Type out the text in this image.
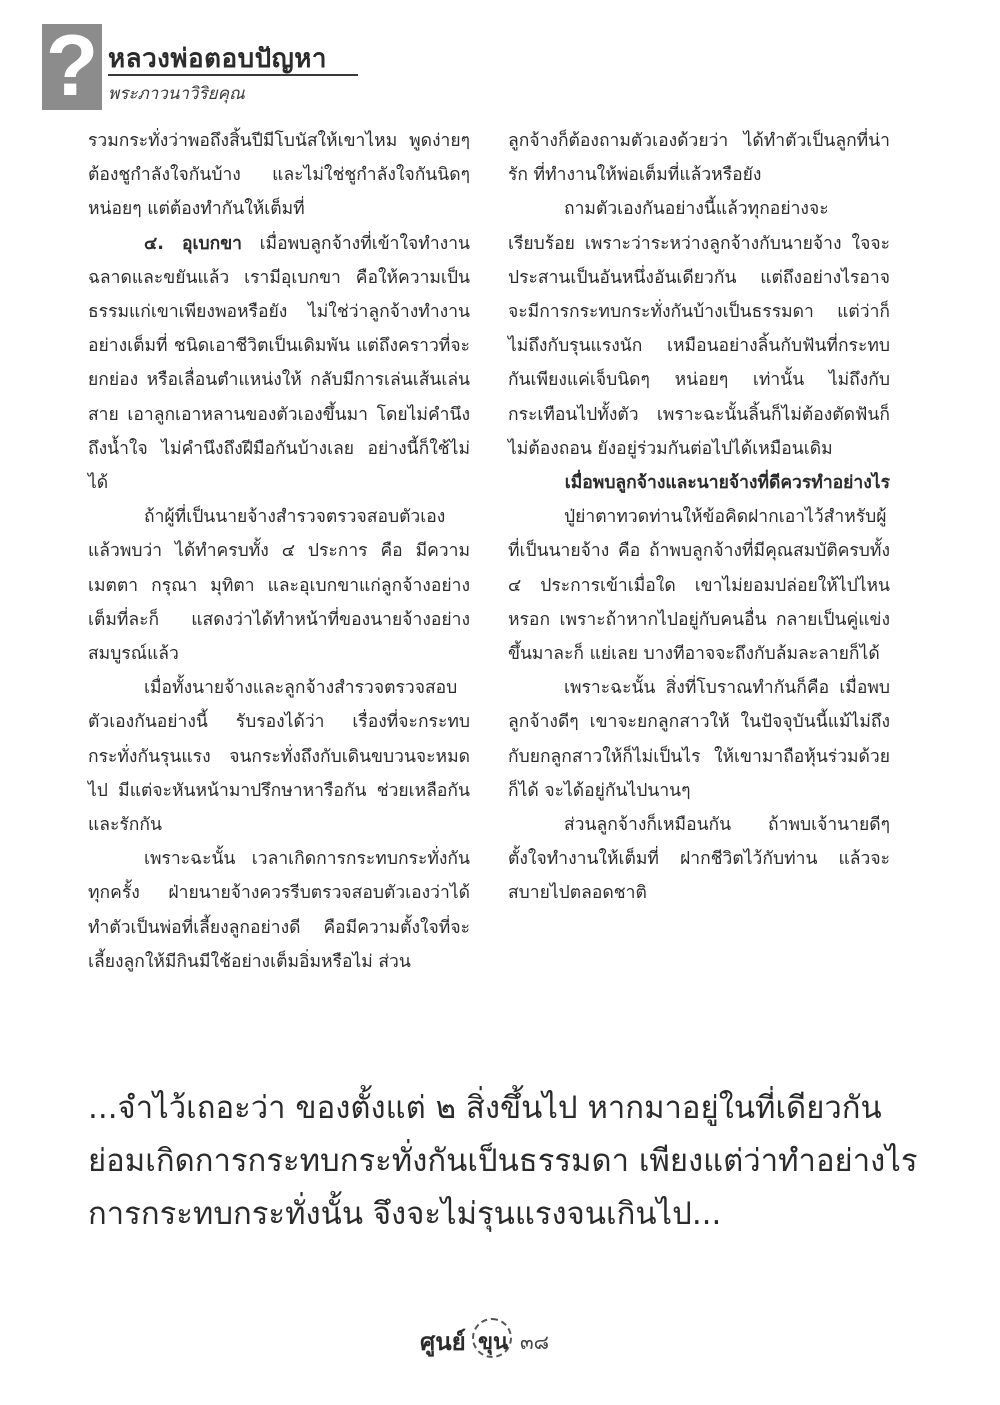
? หลวงพ่อตอบปัญหา
พระภาวนาวิริยคุณ

รวมกระทั่งว่าพอถึงสิ้นปีมีโบนัสให้เขาไหม พูดง่ายๆ ต้องชูกำลังใจกันบ้าง และไม่ใช่ชูกำลังใจกันนิดๆ หน่อยๆ แต่ต้องทำกันให้เต็มที่

๔. อุเบกขา เมื่อพบลูกจ้างที่เข้าใจทำงานฉลาดและขยันแล้ว เรามีอุเบกขา คือให้ความเป็นธรรมแก่เขาเพียงพอหรือยัง ไม่ใช่ว่าลูกจ้างทำงานอย่างเต็มที่ ชนิดเอาชีวิตเป็นเดิมพัน แต่ถึงคราวที่จะยกย่อง หรือเลื่อนตำแหน่งให้ กลับมีการเล่นเส้นเล่นสาย เอาลูกเอาหลานของตัวเองขึ้นมา โดยไม่คำนึงถึงน้ำใจ ไม่คำนึงถึงฝีมือกันบ้างเลย อย่างนี้ก็ใช้ไม่ได้

ถ้าผู้ที่เป็นนายจ้างสำรวจตรวจสอบตัวเองแล้วพบว่า ได้ทำครบทั้ง ๔ ประการ คือ มีความเมตตา กรุณา มุทิตา และอุเบกขาแก่ลูกจ้างอย่างเต็มที่ละก็ แสดงว่าได้ทำหน้าที่ของนายจ้างอย่างสมบูรณ์แล้ว

เมื่อทั้งนายจ้างและลูกจ้างสำรวจตรวจสอบตัวเองกันอย่างนี้ รับรองได้ว่า เรื่องที่จะกระทบกระทั่งกันรุนแรง จนกระทั่งถึงกับเดินขบวนจะหมดไป มีแต่จะหันหน้ามาปรึกษาหารือกัน ช่วยเหลือกัน และรักกัน

เพราะฉะนั้น เวลาเกิดการกระทบกระทั่งกันทุกครั้ง ฝ่ายนายจ้างควรรีบตรวจสอบตัวเองว่าได้ทำตัวเป็นพ่อที่เลี้ยงลูกอย่างดี คือมีความตั้งใจที่จะเลี้ยงลูกให้มีกินมีใช้อย่างเต็มอิ่มหรือไม่ ส่วน

ลูกจ้างก็ต้องถามตัวเองด้วยว่า ได้ทำตัวเป็นลูกที่น่ารัก ที่ทำงานให้พ่อเต็มที่แล้วหรือยัง

ถามตัวเองกันอย่างนี้แล้วทุกอย่างจะเรียบร้อย เพราะว่าระหว่างลูกจ้างกับนายจ้าง ใจจะประสานเป็นอันหนึ่งอันเดียวกัน แต่ถึงอย่างไรอาจจะมีการกระทบกระทั่งกันบ้างเป็นธรรมดา แต่ว่าก็ไม่ถึงกับรุนแรงนัก เหมือนอย่างลิ้นกับฟันที่กระทบกันเพียงแค่เจ็บนิดๆ หน่อยๆ เท่านั้น ไม่ถึงกับกระเทือนไปทั้งตัว เพราะฉะนั้นลิ้นก็ไม่ต้องตัดฟันก็ไม่ต้องถอน ยังอยู่ร่วมกันต่อไปได้เหมือนเดิม

เมื่อพบลูกจ้างและนายจ้างที่ดีควรทำอย่างไร

ปู่ย่าตาทวดท่านให้ข้อคิดฝากเอาไว้สำหรับผู้ที่เป็นนายจ้าง คือ ถ้าพบลูกจ้างที่มีคุณสมบัติครบทั้ง ๔ ประการเข้าเมื่อใด เขาไม่ยอมปล่อยให้ไปไหนหรอก เพราะถ้าหากไปอยู่กับคนอื่น กลายเป็นคู่แข่งขึ้นมาละก็ แย่เลย บางทีอาจจะถึงกับล้มละลายก็ได้

เพราะฉะนั้น สิ่งที่โบราณทำกันก็คือ เมื่อพบลูกจ้างดีๆ เขาจะยกลูกสาวให้ ในปัจจุบันนี้แม้ไม่ถึงกับยกลูกสาวให้ก็ไม่เป็นไร ให้เขามาถือหุ้นร่วมด้วยก็ได้ จะได้อยู่กันไปนานๆ

ส่วนลูกจ้างก็เหมือนกัน ถ้าพบเจ้านายดีๆ ตั้งใจทำงานให้เต็มที่ ฝากชีวิตไว้กับท่าน แล้วจะสบายไปตลอดชาติ

...จำไว้เถอะว่า ของตั้งแต่ ๒ สิ่งขึ้นไป หากมาอยู่ในที่เดียวกัน

ย่อมเกิดการกระทบกระทั่งกันเป็นธรรมดา เพียงแต่ว่าทำอย่างไร

การกระทบกระทั่งนั้น จึงจะไม่รุนแรงจนเกินไป...

ศูนย์ ขุน ๓๘
